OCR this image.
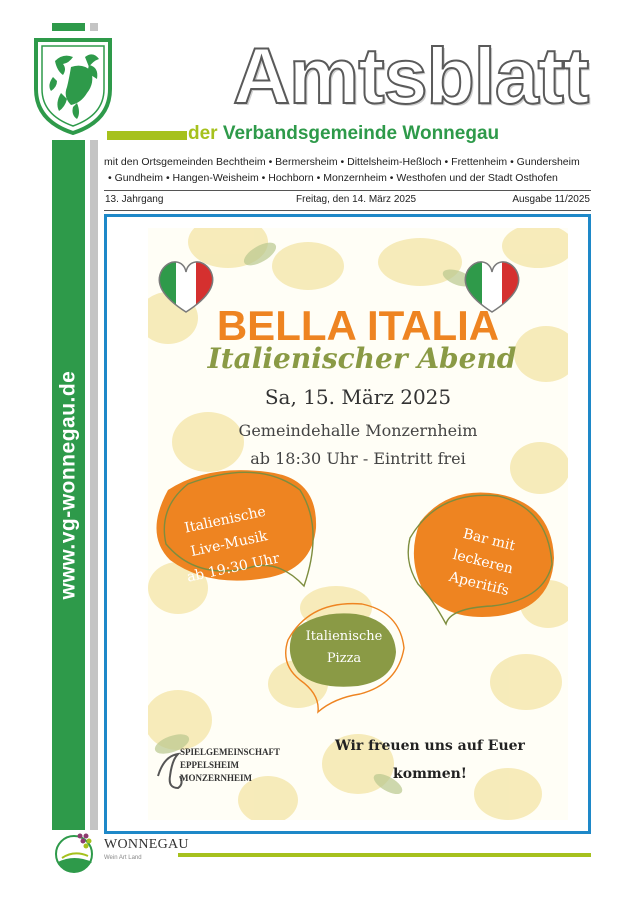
www.vg-wonnegau.de
Amtsblatt
der Verbandsgemeinde Wonnegau
mit den Ortsgemeinden Bechtheim • Bermersheim • Dittelsheim-Heßloch • Frettenheim • Gundersheim
• Gundheim • Hangen-Weisheim • Hochborn • Monzernheim • Westhofen und der Stadt Osthofen
13. Jahrgang	Freitag, den 14. März 2025	Ausgabe 11/2025
BELLA ITALIA
Italienischer Abend
Sa, 15. März 2025
Gemeindehalle Monzernheim
ab 18:30 Uhr - Eintritt frei
Italienische
Live-Musik
ab 19:30 Uhr
Bar mit
leckeren
Aperitifs
Italienische
Pizza
SPIELGEMEINSCHAFT
EPPELSHEIM
MONZERNHEIM
Wir freuen uns auf Euer
kommen!
WONNEGAU
Wein Art Land
